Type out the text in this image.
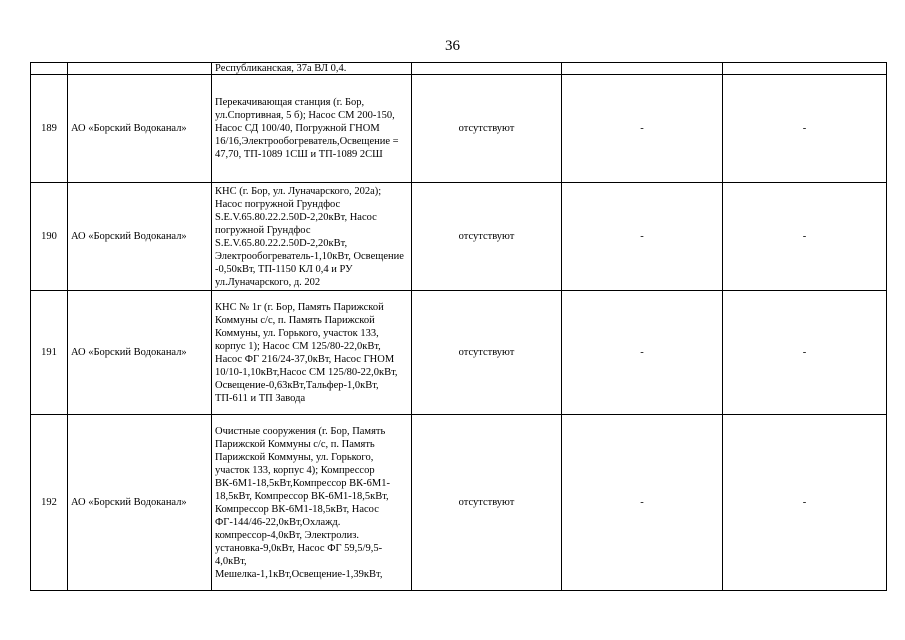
36
		Республиканская, 37а ВЛ 0,4.			
189	АО «Борский Водоканал»	Перекачивающая станция (г. Бор, ул.Спортивная, 5 б); Насос СМ 200-150, Насос СД 100/40, Погружной ГНОМ 16/16,Электрообогреватель,Освещение = 47,70, ТП-1089 1СШ и ТП-1089 2СШ	отсутствуют	-	-
190	АО «Борский Водоканал»	КНС (г. Бор, ул. Луначарского, 202а); Насос погружной Грундфос S.E.V.65.80.22.2.50D-2,20кВт, Насос погружной Грундфос S.E.V.65.80.22.2.50D-2,20кВт, Электрообогреватель-1,10кВт, Освещение -0,50кВт, ТП-1150 КЛ 0,4 и РУ ул.Луначарского, д. 202	отсутствуют	-	-
191	АО «Борский Водоканал»	КНС № 1г (г. Бор, Память Парижской Коммуны с/с, п. Память Парижской Коммуны, ул. Горького, участок 133, корпус 1); Насос СМ 125/80-22,0кВт, Насос ФГ 216/24-37,0кВт, Насос ГНОМ 10/10-1,10кВт,Насос СМ 125/80-22,0кВт, Освещение-0,63кВт,Тальфер-1,0кВт, ТП-611 и ТП Завода	отсутствуют	-	-
192	АО «Борский Водоканал»	Очистные сооружения (г. Бор, Память Парижской Коммуны с/с, п. Память Парижской Коммуны, ул. Горького, участок 133, корпус 4); Компрессор ВК-6М1-18,5кВт,Компрессор ВК-6М1-18,5кВт, Компрессор ВК-6М1-18,5кВт, Компрессор ВК-6М1-18,5кВт, Насос ФГ-144/46-22,0кВт,Охлажд. компрессор-4,0кВт, Электролиз. установка-9,0кВт, Насос ФГ 59,5/9,5-4,0кВт, Мешелка-1,1кВт,Освещение-1,39кВт,	отсутствуют	-	-
